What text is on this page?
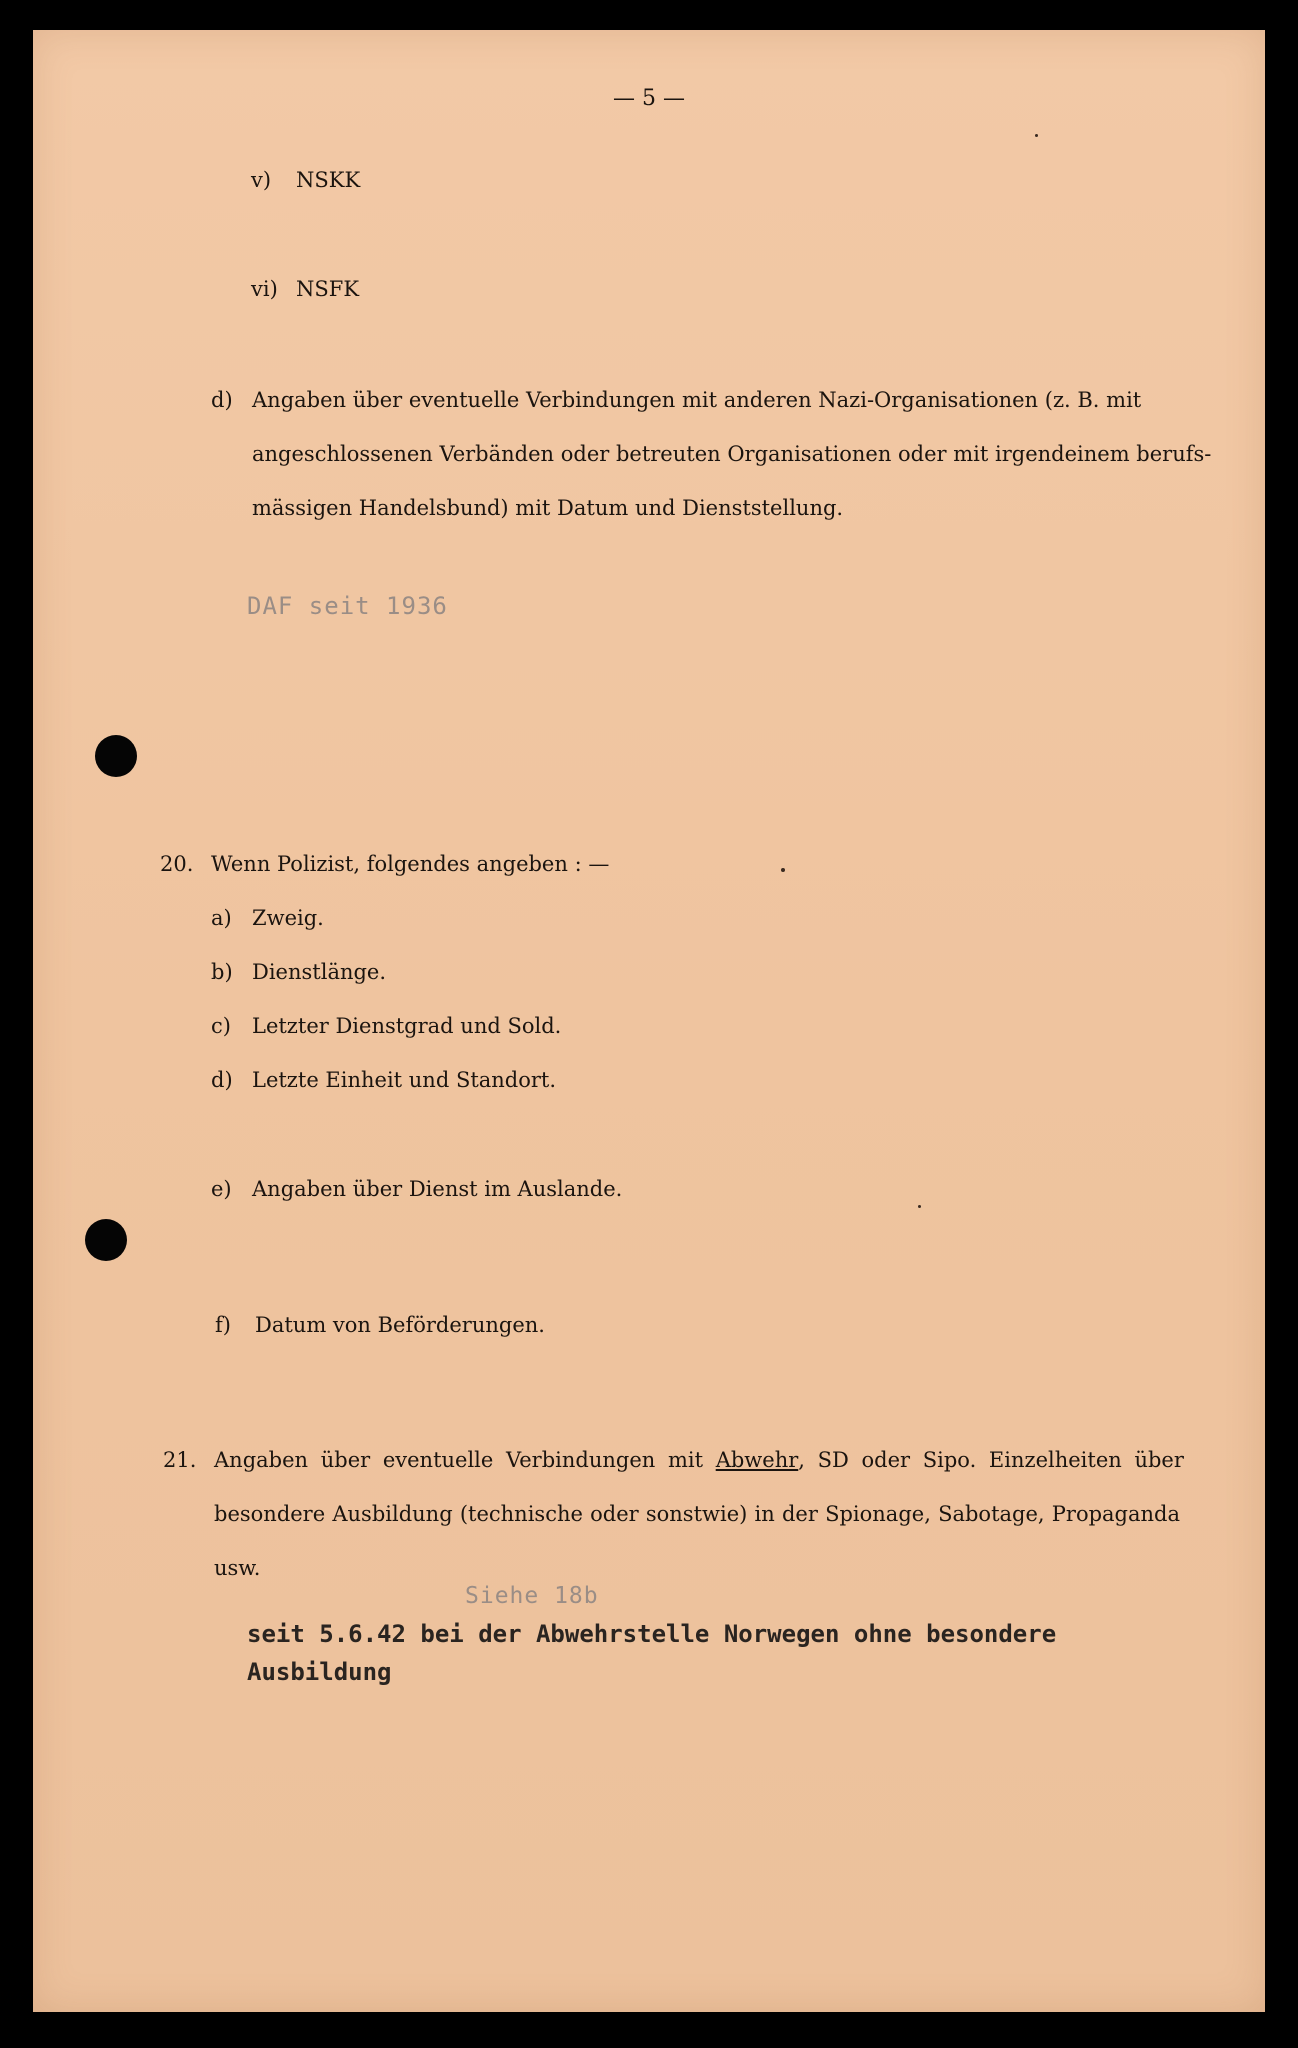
— 5 —
v) NSKK
vi) NSFK
d) Angaben über eventuelle Verbindungen mit anderen Nazi-Organisationen (z. B. mit
angeschlossenen Verbänden oder betreuten Organisationen oder mit irgendeinem berufs-
mässigen Handelsbund) mit Datum und Dienststellung.
DAF seit 1936
20. Wenn Polizist, folgendes angeben : —
a) Zweig.
b) Dienstlänge.
c) Letzter Dienstgrad und Sold.
d) Letzte Einheit und Standort.
e) Angaben über Dienst im Auslande.
f) Datum von Beförderungen.
21. Angaben über eventuelle Verbindungen mit Abwehr , SD oder Sipo. Einzelheiten über
besondere Ausbildung (technische oder sonstwie) in der Spionage, Sabotage, Propaganda
usw.
Siehe 18b
seit 5.6.42 bei der Abwehrstelle Norwegen ohne besondere
Ausbildung
